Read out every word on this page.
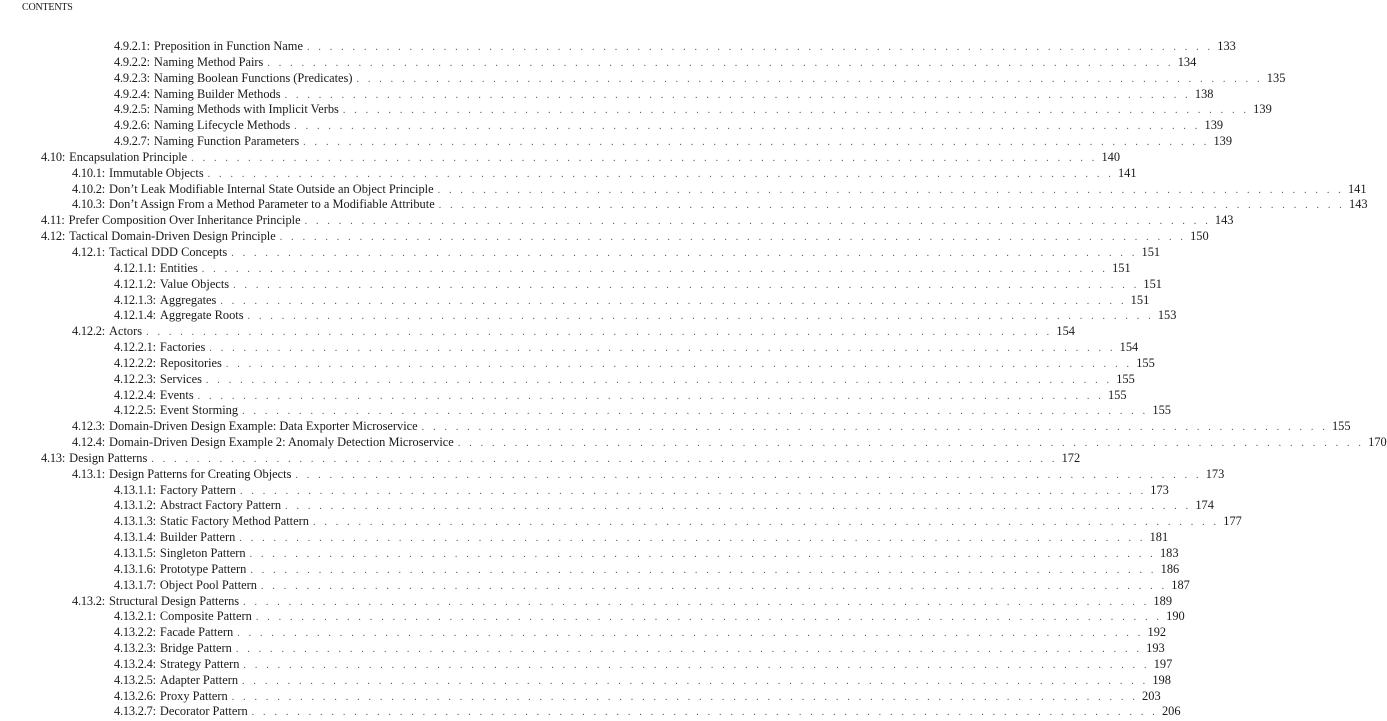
CONTENTS
4.9.2.1: Preposition in Function Name . . . . . . . . . . . . . . . . . . . . . . . . . . . . . . . . . . . . . . . . . . . . . . . . . . . . . . . . . . . . . . . . . . . . . . . . . . . . . . . . 133
4.9.2.2: Naming Method Pairs . . . . . . . . . . . . . . . . . . . . . . . . . . . . . . . . . . . . . . . . . . . . . . . . . . . . . . . . . . . . . . . . . . . . . . . . . . . . . . . . 134
4.9.2.3: Naming Boolean Functions (Predicates) . . . . . . . . . . . . . . . . . . . . . . . . . . . . . . . . . . . . . . . . . . . . . . . . . . . . . . . . . . . . . . . . . . . . . . . . . . . . . . . . 135
4.9.2.4: Naming Builder Methods . . . . . . . . . . . . . . . . . . . . . . . . . . . . . . . . . . . . . . . . . . . . . . . . . . . . . . . . . . . . . . . . . . . . . . . . . . . . . . . . 138
4.9.2.5: Naming Methods with Implicit Verbs . . . . . . . . . . . . . . . . . . . . . . . . . . . . . . . . . . . . . . . . . . . . . . . . . . . . . . . . . . . . . . . . . . . . . . . . . . . . . . . . 139
4.9.2.6: Naming Lifecycle Methods . . . . . . . . . . . . . . . . . . . . . . . . . . . . . . . . . . . . . . . . . . . . . . . . . . . . . . . . . . . . . . . . . . . . . . . . . . . . . . . . 139
4.9.2.7: Naming Function Parameters . . . . . . . . . . . . . . . . . . . . . . . . . . . . . . . . . . . . . . . . . . . . . . . . . . . . . . . . . . . . . . . . . . . . . . . . . . . . . . . . 139
4.10: Encapsulation Principle . . . . . . . . . . . . . . . . . . . . . . . . . . . . . . . . . . . . . . . . . . . . . . . . . . . . . . . . . . . . . . . . . . . . . . . . . . . . . . . . 140
4.10.1: Immutable Objects . . . . . . . . . . . . . . . . . . . . . . . . . . . . . . . . . . . . . . . . . . . . . . . . . . . . . . . . . . . . . . . . . . . . . . . . . . . . . . . . 141
4.10.2: Don’t Leak Modifiable Internal State Outside an Object Principle . . . . . . . . . . . . . . . . . . . . . . . . . . . . . . . . . . . . . . . . . . . . . . . . . . . . . . . . . . . . . . . . . . . . . . . . . . . . . . . . 141
4.10.3: Don’t Assign From a Method Parameter to a Modifiable Attribute . . . . . . . . . . . . . . . . . . . . . . . . . . . . . . . . . . . . . . . . . . . . . . . . . . . . . . . . . . . . . . . . . . . . . . . . . . . . . . . . 143
4.11: Prefer Composition Over Inheritance Principle . . . . . . . . . . . . . . . . . . . . . . . . . . . . . . . . . . . . . . . . . . . . . . . . . . . . . . . . . . . . . . . . . . . . . . . . . . . . . . . . 143
4.12: Tactical Domain-Driven Design Principle . . . . . . . . . . . . . . . . . . . . . . . . . . . . . . . . . . . . . . . . . . . . . . . . . . . . . . . . . . . . . . . . . . . . . . . . . . . . . . . . 150
4.12.1: Tactical DDD Concepts . . . . . . . . . . . . . . . . . . . . . . . . . . . . . . . . . . . . . . . . . . . . . . . . . . . . . . . . . . . . . . . . . . . . . . . . . . . . . . . . 151
4.12.1.1: Entities . . . . . . . . . . . . . . . . . . . . . . . . . . . . . . . . . . . . . . . . . . . . . . . . . . . . . . . . . . . . . . . . . . . . . . . . . . . . . . . . 151
4.12.1.2: Value Objects . . . . . . . . . . . . . . . . . . . . . . . . . . . . . . . . . . . . . . . . . . . . . . . . . . . . . . . . . . . . . . . . . . . . . . . . . . . . . . . . 151
4.12.1.3: Aggregates . . . . . . . . . . . . . . . . . . . . . . . . . . . . . . . . . . . . . . . . . . . . . . . . . . . . . . . . . . . . . . . . . . . . . . . . . . . . . . . . 151
4.12.1.4: Aggregate Roots . . . . . . . . . . . . . . . . . . . . . . . . . . . . . . . . . . . . . . . . . . . . . . . . . . . . . . . . . . . . . . . . . . . . . . . . . . . . . . . . 153
4.12.2: Actors . . . . . . . . . . . . . . . . . . . . . . . . . . . . . . . . . . . . . . . . . . . . . . . . . . . . . . . . . . . . . . . . . . . . . . . . . . . . . . . . 154
4.12.2.1: Factories . . . . . . . . . . . . . . . . . . . . . . . . . . . . . . . . . . . . . . . . . . . . . . . . . . . . . . . . . . . . . . . . . . . . . . . . . . . . . . . . 154
4.12.2.2: Repositories . . . . . . . . . . . . . . . . . . . . . . . . . . . . . . . . . . . . . . . . . . . . . . . . . . . . . . . . . . . . . . . . . . . . . . . . . . . . . . . . 155
4.12.2.3: Services . . . . . . . . . . . . . . . . . . . . . . . . . . . . . . . . . . . . . . . . . . . . . . . . . . . . . . . . . . . . . . . . . . . . . . . . . . . . . . . . 155
4.12.2.4: Events . . . . . . . . . . . . . . . . . . . . . . . . . . . . . . . . . . . . . . . . . . . . . . . . . . . . . . . . . . . . . . . . . . . . . . . . . . . . . . . . 155
4.12.2.5: Event Storming . . . . . . . . . . . . . . . . . . . . . . . . . . . . . . . . . . . . . . . . . . . . . . . . . . . . . . . . . . . . . . . . . . . . . . . . . . . . . . . . 155
4.12.3: Domain-Driven Design Example: Data Exporter Microservice . . . . . . . . . . . . . . . . . . . . . . . . . . . . . . . . . . . . . . . . . . . . . . . . . . . . . . . . . . . . . . . . . . . . . . . . . . . . . . . . 155
4.12.4: Domain-Driven Design Example 2: Anomaly Detection Microservice . . . . . . . . . . . . . . . . . . . . . . . . . . . . . . . . . . . . . . . . . . . . . . . . . . . . . . . . . . . . . . . . . . . . . . . . . . . . . . . . 170
4.13: Design Patterns . . . . . . . . . . . . . . . . . . . . . . . . . . . . . . . . . . . . . . . . . . . . . . . . . . . . . . . . . . . . . . . . . . . . . . . . . . . . . . . . 172
4.13.1: Design Patterns for Creating Objects . . . . . . . . . . . . . . . . . . . . . . . . . . . . . . . . . . . . . . . . . . . . . . . . . . . . . . . . . . . . . . . . . . . . . . . . . . . . . . . . 173
4.13.1.1: Factory Pattern . . . . . . . . . . . . . . . . . . . . . . . . . . . . . . . . . . . . . . . . . . . . . . . . . . . . . . . . . . . . . . . . . . . . . . . . . . . . . . . . 173
4.13.1.2: Abstract Factory Pattern . . . . . . . . . . . . . . . . . . . . . . . . . . . . . . . . . . . . . . . . . . . . . . . . . . . . . . . . . . . . . . . . . . . . . . . . . . . . . . . . 174
4.13.1.3: Static Factory Method Pattern . . . . . . . . . . . . . . . . . . . . . . . . . . . . . . . . . . . . . . . . . . . . . . . . . . . . . . . . . . . . . . . . . . . . . . . . . . . . . . . . 177
4.13.1.4: Builder Pattern . . . . . . . . . . . . . . . . . . . . . . . . . . . . . . . . . . . . . . . . . . . . . . . . . . . . . . . . . . . . . . . . . . . . . . . . . . . . . . . . 181
4.13.1.5: Singleton Pattern . . . . . . . . . . . . . . . . . . . . . . . . . . . . . . . . . . . . . . . . . . . . . . . . . . . . . . . . . . . . . . . . . . . . . . . . . . . . . . . . 183
4.13.1.6: Prototype Pattern . . . . . . . . . . . . . . . . . . . . . . . . . . . . . . . . . . . . . . . . . . . . . . . . . . . . . . . . . . . . . . . . . . . . . . . . . . . . . . . . 186
4.13.1.7: Object Pool Pattern . . . . . . . . . . . . . . . . . . . . . . . . . . . . . . . . . . . . . . . . . . . . . . . . . . . . . . . . . . . . . . . . . . . . . . . . . . . . . . . . 187
4.13.2: Structural Design Patterns . . . . . . . . . . . . . . . . . . . . . . . . . . . . . . . . . . . . . . . . . . . . . . . . . . . . . . . . . . . . . . . . . . . . . . . . . . . . . . . . 189
4.13.2.1: Composite Pattern . . . . . . . . . . . . . . . . . . . . . . . . . . . . . . . . . . . . . . . . . . . . . . . . . . . . . . . . . . . . . . . . . . . . . . . . . . . . . . . . 190
4.13.2.2: Facade Pattern . . . . . . . . . . . . . . . . . . . . . . . . . . . . . . . . . . . . . . . . . . . . . . . . . . . . . . . . . . . . . . . . . . . . . . . . . . . . . . . . 192
4.13.2.3: Bridge Pattern . . . . . . . . . . . . . . . . . . . . . . . . . . . . . . . . . . . . . . . . . . . . . . . . . . . . . . . . . . . . . . . . . . . . . . . . . . . . . . . . 193
4.13.2.4: Strategy Pattern . . . . . . . . . . . . . . . . . . . . . . . . . . . . . . . . . . . . . . . . . . . . . . . . . . . . . . . . . . . . . . . . . . . . . . . . . . . . . . . . 197
4.13.2.5: Adapter Pattern . . . . . . . . . . . . . . . . . . . . . . . . . . . . . . . . . . . . . . . . . . . . . . . . . . . . . . . . . . . . . . . . . . . . . . . . . . . . . . . . 198
4.13.2.6: Proxy Pattern . . . . . . . . . . . . . . . . . . . . . . . . . . . . . . . . . . . . . . . . . . . . . . . . . . . . . . . . . . . . . . . . . . . . . . . . . . . . . . . . 203
4.13.2.7: Decorator Pattern . . . . . . . . . . . . . . . . . . . . . . . . . . . . . . . . . . . . . . . . . . . . . . . . . . . . . . . . . . . . . . . . . . . . . . . . . . . . . . . . 206
